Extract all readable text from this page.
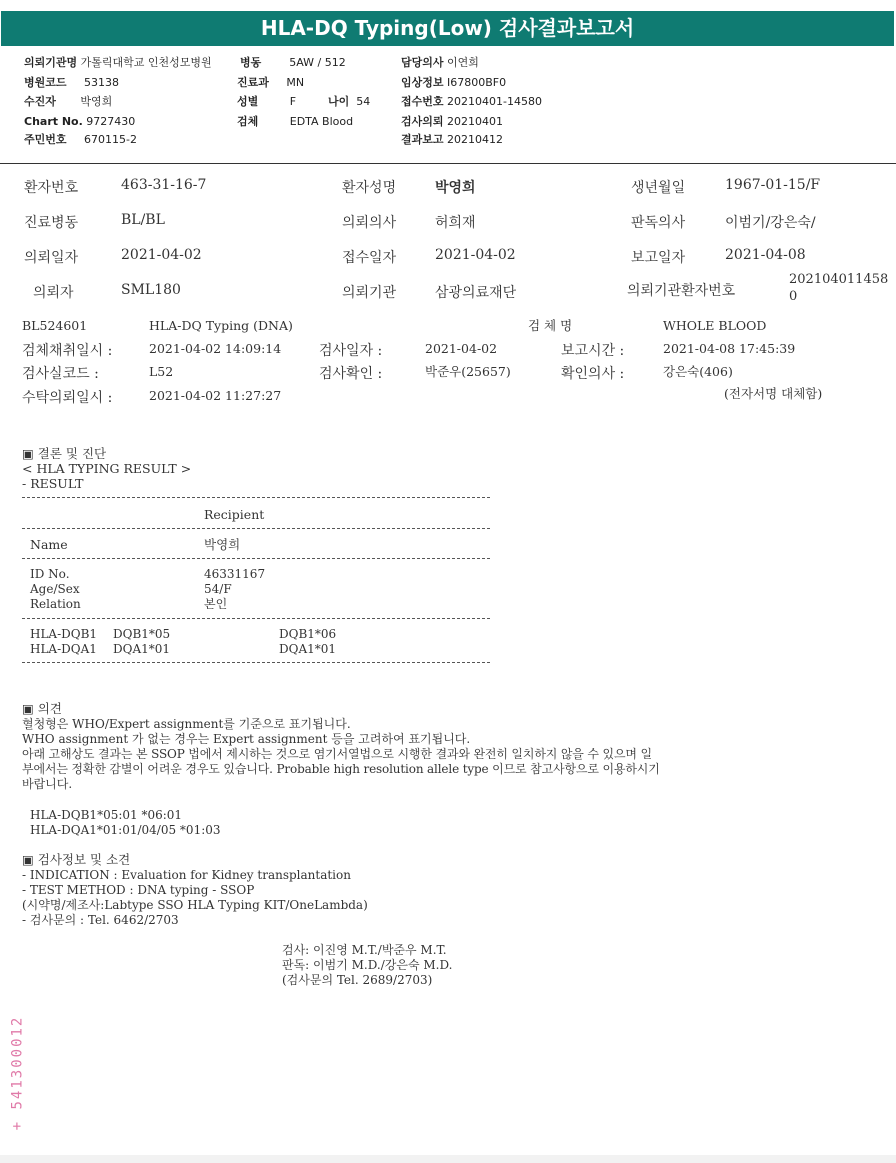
HLA-DQ Typing(Low) 검사결과보고서
의뢰기관명 가톨릭대학교 인천성모병원
병원코드 53138
수진자 박영희
Chart No. 9727430
주민번호 670115-2
병동	5AW / 512
진료과 MN
성별	F	나이 54
검체	EDTA Blood
담당의사 이연희
임상정보 I67800BF0
접수번호 20210401-14580
검사의뢰 20210401
결과보고 20210412
환자번호	463-31-16-7	환자성명	박영희	생년월일	1967-01-15/F
진료병동	BL/BL	의뢰의사	허희재	판독의사	이범기/강은숙/
의뢰일자	2021-04-02	접수일자	2021-04-02	보고일자	2021-04-08
의뢰자	SML180	의뢰기관	삼광의료재단	의뢰기관환자번호
202104011458
0
BL524601	HLA-DQ Typing (DNA)	검 체 명	WHOLE BLOOD
검체채취일시 :	2021-04-02 14:09:14	검사일자 :	2021-04-02	보고시간 :	2021-04-08 17:45:39
검사실코드 :	L52	검사확인 :	박준우(25657)	확인의사 :	강은숙(406)
수탁의뢰일시 :	2021-04-02 11:27:27	(전자서명 대체함)
▣ 결론 및 진단
< HLA TYPING RESULT >
- RESULT
Recipient
Name	박영희
ID No.	46331167
Age/Sex	54/F
Relation	본인
HLA-DQB1 DQB1*05	DQB1*06
HLA-DQA1 DQA1*01	DQA1*01
▣ 의견
혈청형은 WHO/Expert assignment를 기준으로 표기됩니다.
WHO assignment 가 없는 경우는 Expert assignment 등을 고려하여 표기됩니다.
아래 고해상도 결과는 본 SSOP 법에서 제시하는 것으로 염기서열법으로 시행한 결과와 완전히 일치하지 않을 수 있으며 일
부에서는 정확한 감별이 어려운 경우도 있습니다. Probable high resolution allele type 이므로 참고사항으로 이용하시기
바랍니다.
HLA-DQB1*05:01 *06:01
HLA-DQA1*01:01/04/05 *01:03
▣ 검사정보 및 소견
- INDICATION : Evaluation for Kidney transplantation
- TEST METHOD : DNA typing - SSOP
(시약명/제조사:Labtype SSO HLA Typing KIT/OneLambda)
- 검사문의 : Tel. 6462/2703
검사: 이진영 M.T./박준우 M.T.
판독: 이범기 M.D./강은숙 M.D.
(검사문의 Tel. 2689/2703)
+ 541300012
